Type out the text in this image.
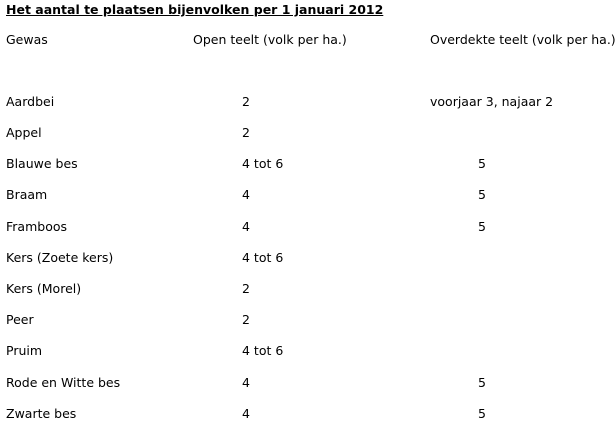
Het aantal te plaatsen bijenvolken per 1 januari 2012
Gewas	Open teelt (volk per ha.)	Overdekte teelt (volk per ha.)
Aardbei	2	voorjaar 3, najaar 2
Appel	2
Blauwe bes	4 tot 6	5
Braam	4	5
Framboos	4	5
Kers (Zoete kers)	4 tot 6
Kers (Morel)	2
Peer	2
Pruim	4 tot 6
Rode en Witte bes	4	5
Zwarte bes	4	5
